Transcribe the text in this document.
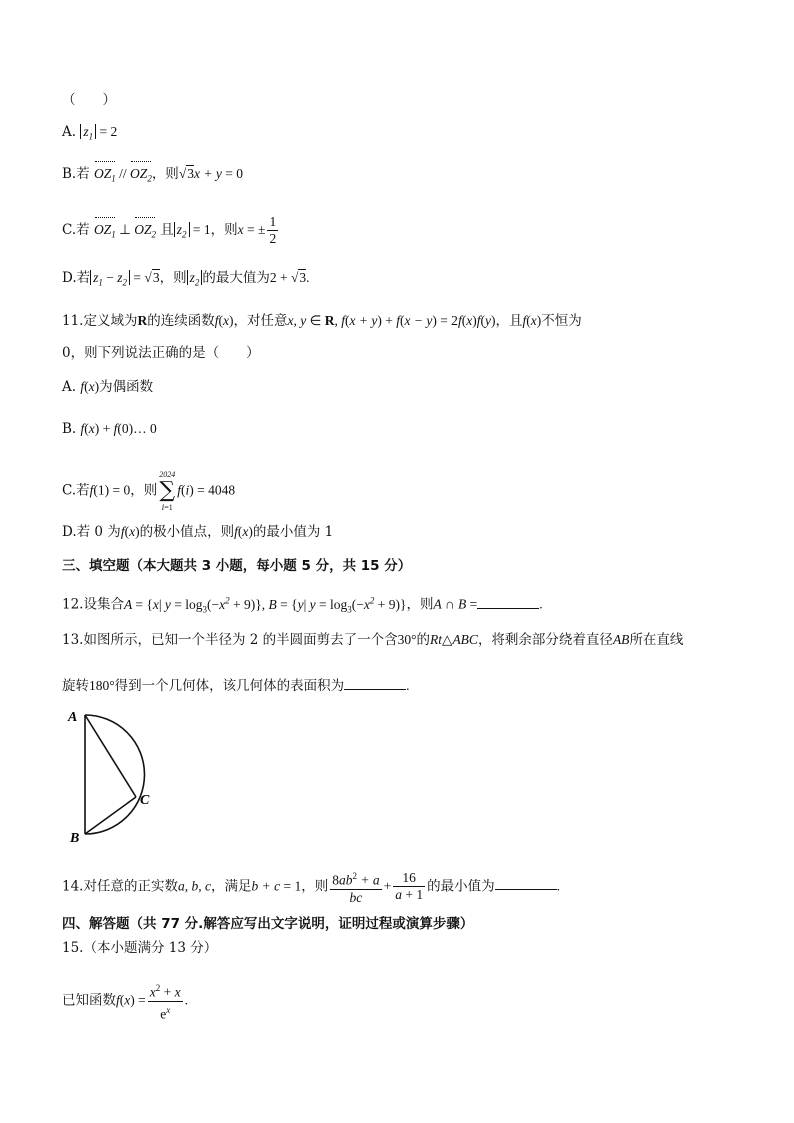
（　　）
A. $z_1 = 2$
B.若 $OZ_1 // OZ_2$，则√3x + y = 0
C.若 $OZ_1$ ⊥ $OZ_2$ 且 $z_2 = 1$，则x = ± $\frac{1}{2}$
D.若 $z_1 - z_2 = √3$，则 $z_2$ 的最大值为2 + √3.
11.定义域为R的连续函数f(x)，对任意x, y ∈ R, f(x + y) + f(x − y) = 2f(x)f(y)，且f(x)不恒为
0，则下列说法正确的是（　　）
A. f(x)为偶函数
B. f(x) + f(0)… 0
C.若f(1) = 0，则
2024
∑
i=1
f(i) = 4048
D.若 0 为f(x)的极小值点，则f(x)的最小值为 1
三、填空题（本大题共 3 小题，每小题 5 分，共 15 分）
12.设集合A = {x| $y = \log_3(-x^2 + 9)$}, B = {y| $y = \log_3(-x^2 + 9)$}，则A ∩ B =	.
13.如图所示，已知一个半径为 2 的半圆面剪去了一个含30°的Rt△ABC，将剩余部分绕着直径AB所在直线
旋转180°得到一个几何体，该几何体的表面积为	.
A
B
C
14.对任意的正实数a, b, c，满足b + c = 1，则 $\frac{8ab^2 + a}{bc} + \frac{16}{a + 1}$ 的最小值为	.
四、解答题（共 77 分.解答应写出文字说明，证明过程或演算步骤）
15.（本小题满分 13 分）
已知函数$f(x) = \frac{x^2 + x}{e^x}$ .
